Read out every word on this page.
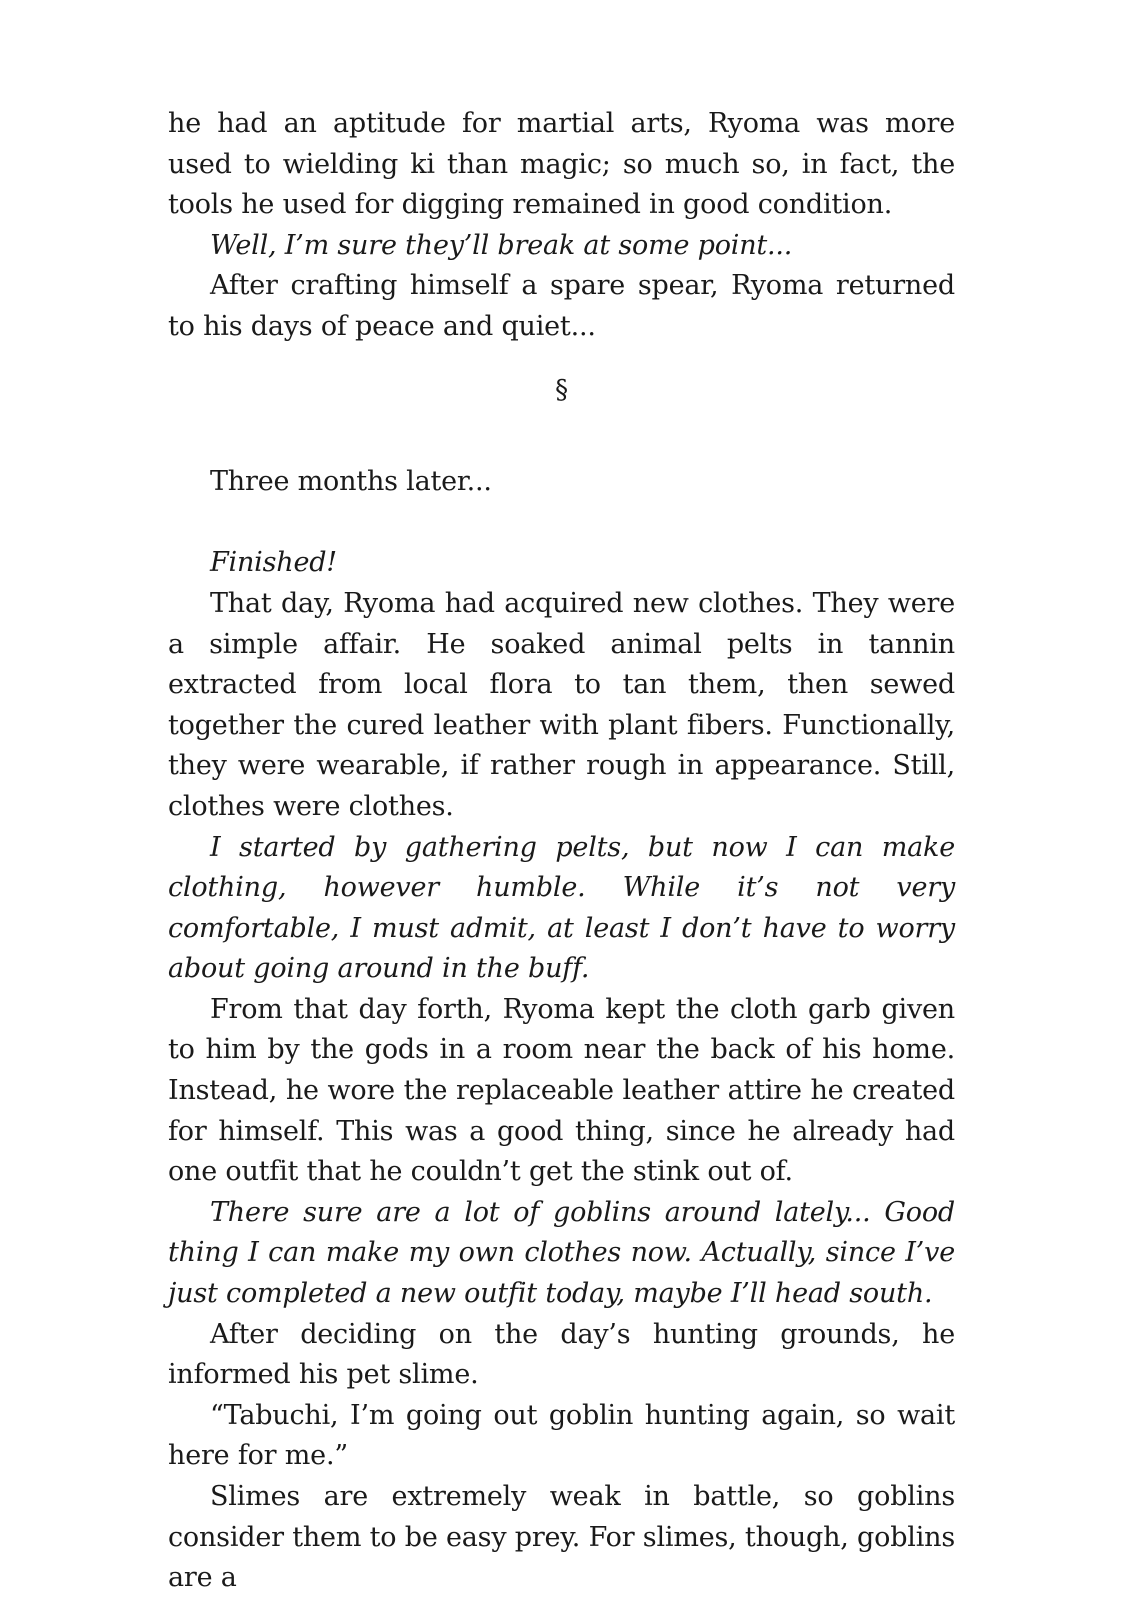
he had an aptitude for martial arts, Ryoma was more used to wielding ki than magic; so much so, in fact, the tools he used for digging remained in good condition.

Well, I’m sure they’ll break at some point...

After crafting himself a spare spear, Ryoma returned to his days of peace and quiet...

§

Three months later...

Finished!

That day, Ryoma had acquired new clothes. They were a simple affair. He soaked animal pelts in tannin extracted from local flora to tan them, then sewed together the cured leather with plant fibers. Functionally, they were wearable, if rather rough in appearance. Still, clothes were clothes.

I started by gathering pelts, but now I can make clothing, however humble. While it’s not very comfortable, I must admit, at least I don’t have to worry about going around in the buff.

From that day forth, Ryoma kept the cloth garb given to him by the gods in a room near the back of his home. Instead, he wore the replaceable leather attire he created for himself. This was a good thing, since he already had one outfit that he couldn’t get the stink out of.

There sure are a lot of goblins around lately... Good thing I can make my own clothes now. Actually, since I’ve just completed a new outfit today, maybe I’ll head south.

After deciding on the day’s hunting grounds, he informed his pet slime.

“Tabuchi, I’m going out goblin hunting again, so wait here for me.”

Slimes are extremely weak in battle, so goblins consider them to be easy prey. For slimes, though, goblins are a
